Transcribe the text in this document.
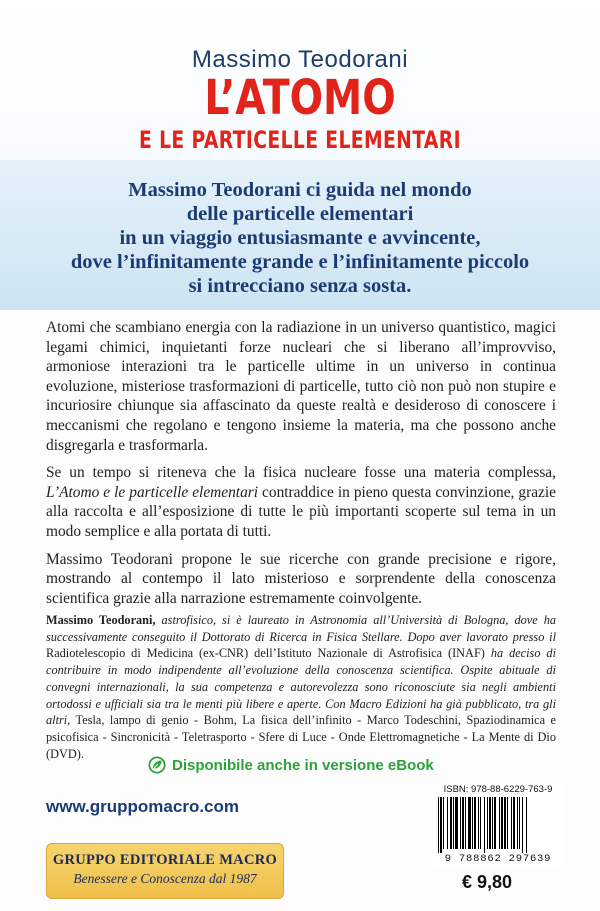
Massimo Teodorani
L’ATOMO
E LE PARTICELLE ELEMENTARI
Massimo Teodorani ci guida nel mondo
delle particelle elementari
in un viaggio entusiasmante e avvincente,
dove l’infinitamente grande e l’infinitamente piccolo
si intrecciano senza sosta.

Atomi che scambiano energia con la radiazione in un universo quantistico, magici legami chimici, inquietanti forze nucleari che si liberano all’improvviso, armoniose interazioni tra le particelle ultime in un universo in continua evoluzione, misteriose trasformazioni di particelle, tutto ciò non può non stupire e incuriosire chiunque sia affascinato da queste realtà e desideroso di conoscere i meccanismi che regolano e tengono insieme la materia, ma che possono anche disgregarla e trasformarla.

Se un tempo si riteneva che la fisica nucleare fosse una materia complessa, L’Atomo e le particelle elementari contraddice in pieno questa convinzione, grazie alla raccolta e all’esposizione di tutte le più importanti scoperte sul tema in un modo semplice e alla portata di tutti.

Massimo Teodorani propone le sue ricerche con grande precisione e rigore, mostrando al contempo il lato misterioso e sorprendente della conoscenza scientifica grazie alla narrazione estremamente coinvolgente.

Massimo Teodorani, astrofisico, si è laureato in Astronomia all’Università di Bologna, dove ha successivamente conseguito il Dottorato di Ricerca in Fisica Stellare. Dopo aver lavorato presso il Radiotelescopio di Medicina (ex-CNR) dell’Istituto Nazionale di Astrofisica (INAF) ha deciso di contribuire in modo indipendente all’evoluzione della conoscenza scientifica. Ospite abituale di convegni internazionali, la sua competenza e autorevolezza sono riconosciute sia negli ambienti ortodossi e ufficiali sia tra le menti più libere e aperte. Con Macro Edizioni ha già pubblicato, tra gli altri, Tesla, lampo di genio - Bohm, La fisica dell’infinito - Marco Todeschini, Spaziodinamica e psicofisica - Sincronicità - Teletrasporto - Sfere di Luce - Onde Elettromagnetiche - La Mente di Dio (DVD).
Disponibile anche in versione eBook
www.gruppomacro.com
GRUPPO EDITORIALE MACRO
Benessere e Conoscenza dal 1987
ISBN: 978-88-6229-763-9
9 788862 297639
€ 9,80
